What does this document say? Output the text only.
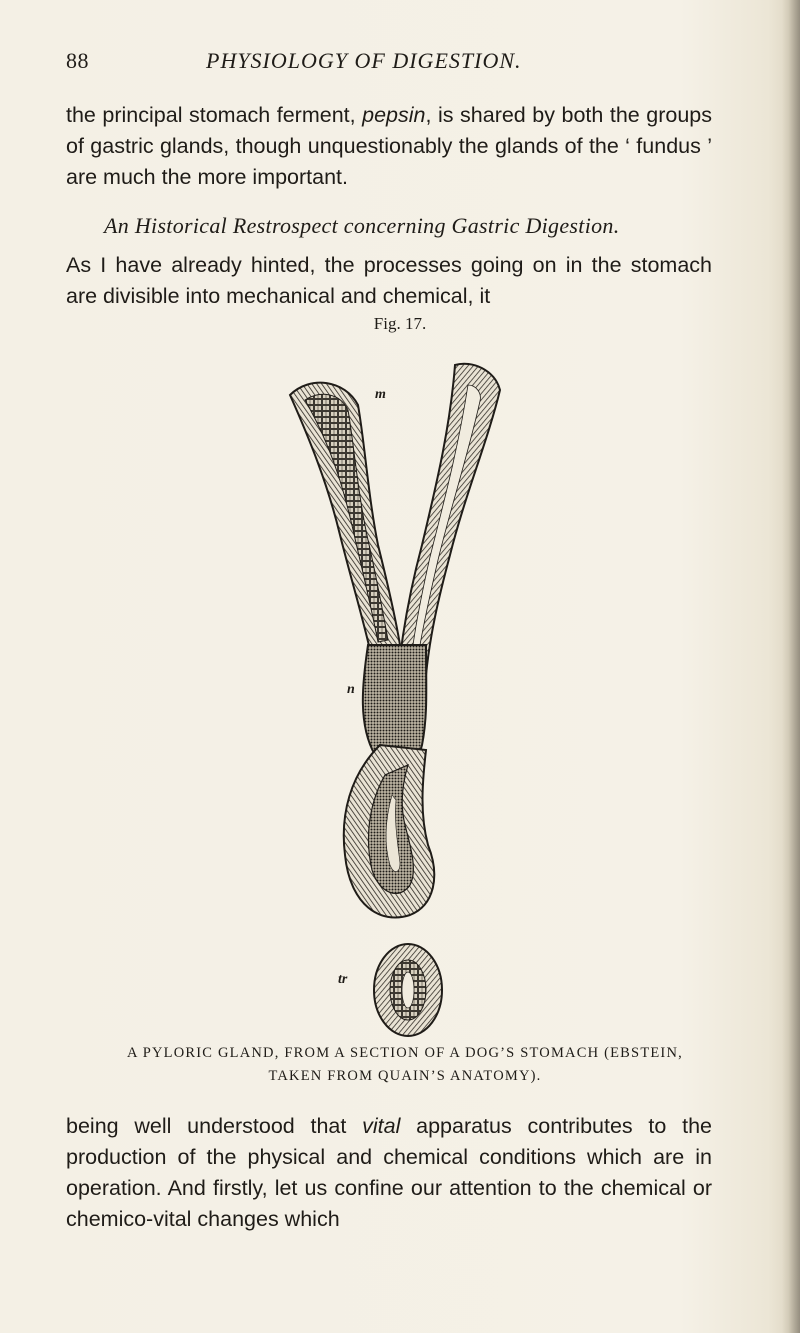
88	PHYSIOLOGY OF DIGESTION.
the principal stomach ferment, pepsin, is shared by both the groups of gastric glands, though unquestionably the glands of the ‘ fundus ’ are much the more important.
An Historical Restrospect concerning Gastric Digestion.
As I have already hinted, the processes going on in the stomach are divisible into mechanical and chemical, it
Fig. 17.
m
n
tr
A PYLORIC GLAND, FROM A SECTION OF A DOG’S STOMACH (EBSTEIN,
TAKEN FROM QUAIN’S ANATOMY).
being well understood that vital apparatus contributes to the production of the physical and chemical conditions which are in operation. And firstly, let us confine our attention to the chemical or chemico-vital changes which
